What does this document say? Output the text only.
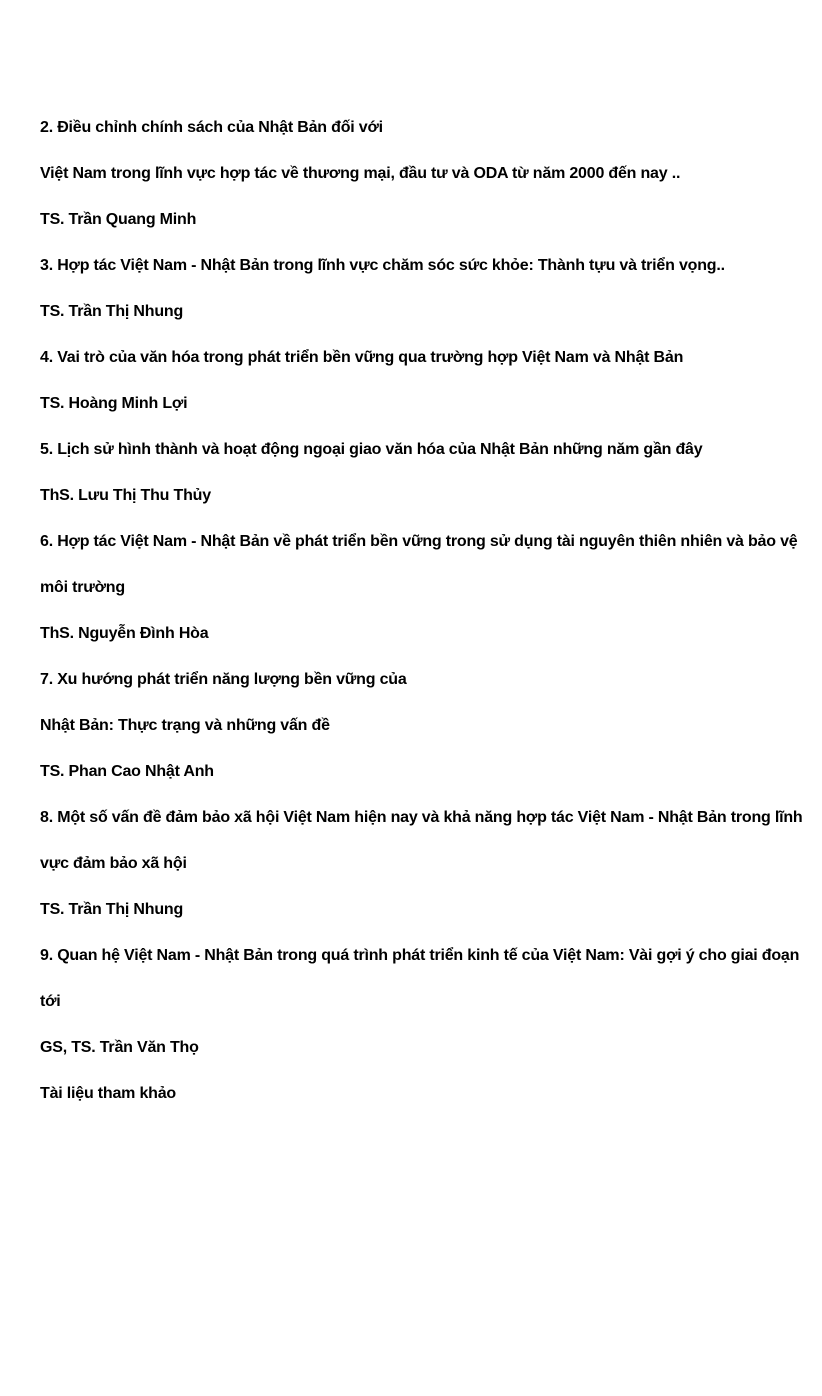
2. Điều chỉnh chính sách của Nhật Bản đối với
Việt Nam trong lĩnh vực hợp tác về thương mại, đầu tư và ODA từ năm 2000 đến nay ..
TS. Trần Quang Minh
3. Hợp tác Việt Nam - Nhật Bản trong lĩnh vực chăm sóc sức khỏe: Thành tựu và triển vọng..
TS. Trần Thị Nhung
4. Vai trò của văn hóa trong phát triển bền vững qua trường hợp Việt Nam và Nhật Bản
TS. Hoàng Minh Lợi
5. Lịch sử hình thành và hoạt động ngoại giao văn hóa của Nhật Bản những năm gần đây
ThS. Lưu Thị Thu Thủy
6. Hợp tác Việt Nam - Nhật Bản về phát triển bền vững trong sử dụng tài nguyên thiên nhiên và bảo vệ
môi trường
ThS. Nguyễn Đình Hòa
7. Xu hướng phát triển năng lượng bền vững của
Nhật Bản: Thực trạng và những vấn đề
TS. Phan Cao Nhật Anh
8. Một số vấn đề đảm bảo xã hội Việt Nam hiện nay và khả năng hợp tác Việt Nam - Nhật Bản trong lĩnh
vực đảm bảo xã hội
TS. Trần Thị Nhung
9. Quan hệ Việt Nam - Nhật Bản trong quá trình phát triển kinh tế của Việt Nam: Vài gợi ý cho giai đoạn
tới
GS, TS. Trần Văn Thọ
Tài liệu tham khảo
